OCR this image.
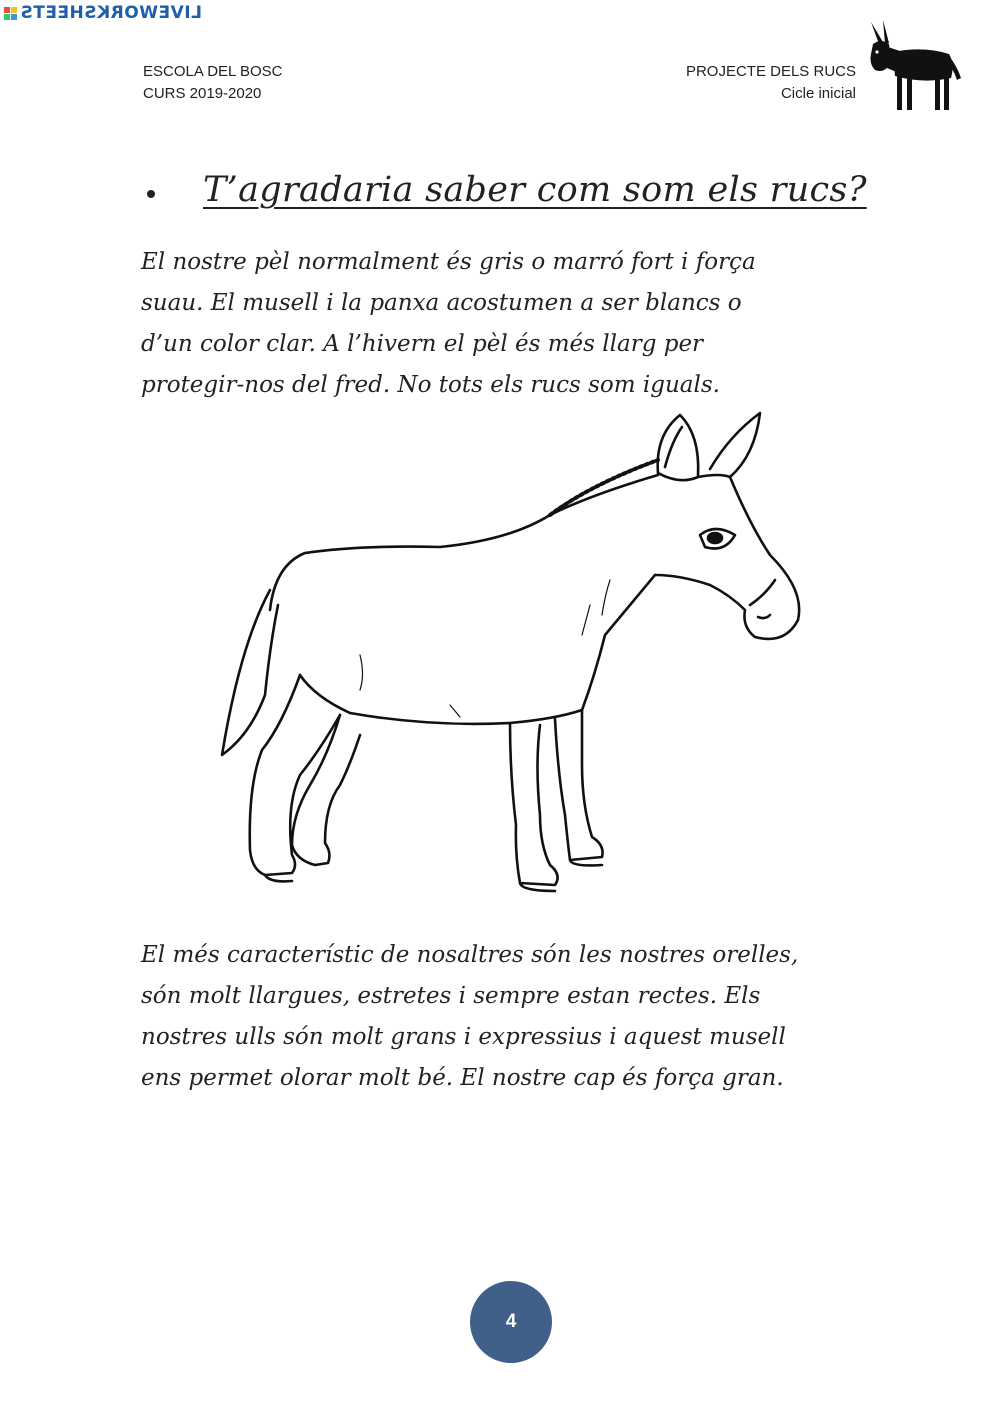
LIVEWORKSHEETS
ESCOLA DEL BOSC
CURS 2019-2020
PROJECTE DELS RUCS
Cicle inicial
T’agradaria saber com som els rucs?
El nostre pèl normalment és gris o marró fort i força
suau. El musell i la panxa acostumen a ser blancs o
d’un color clar. A l’hivern el pèl és més llarg per
protegir-nos del fred. No tots els rucs som iguals.
El més característic de nosaltres són les nostres orelles,
són molt llargues, estretes i sempre estan rectes. Els
nostres ulls són molt grans i expressius i aquest musell
ens permet olorar molt bé. El nostre cap és força gran.
4
